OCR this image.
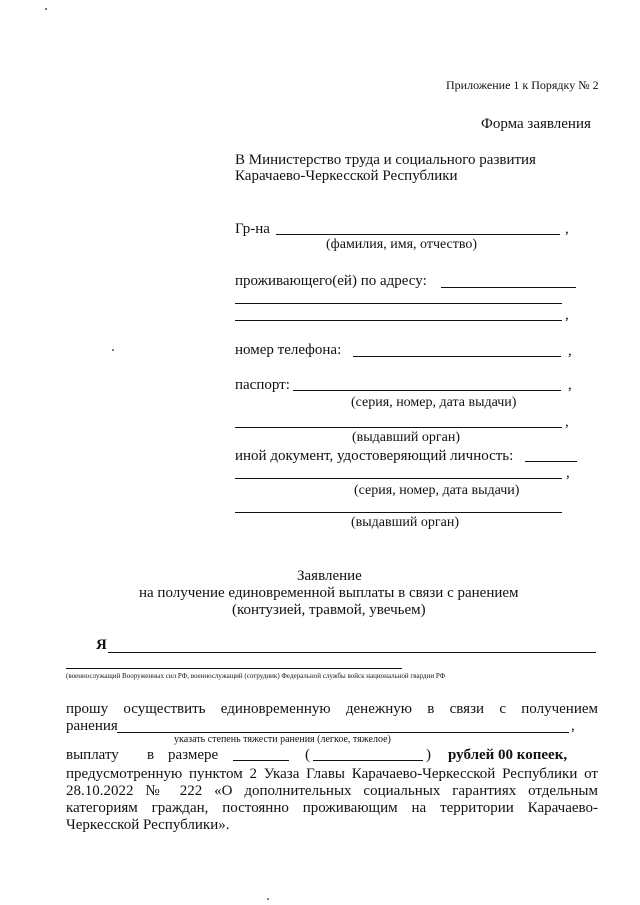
Приложение 1 к Порядку № 2
Форма заявления
В Министерство труда и социального развития
Карачаево-Черкесской Республики
Гр-на	,
(фамилия, имя, отчество)
проживающего(ей) по адресу:
,
номер телефона:	,
паспорт:	,
(серия, номер, дата выдачи)
,
(выдавший орган)
иной документ, удостоверяющий личность:
,
(серия, номер, дата выдачи)
(выдавший орган)
Заявление
на получение единовременной выплаты в связи с ранением
(контузией, травмой, увечьем)
Я
(военнослужащий Вооруженных сил РФ, военнослужащий (сотрудник) Федеральной службы войск национальной гвардии РФ
прошу осуществить единовременную денежную в связи с получением
ранения	,
указать степень тяжести ранения (легкое, тяжелое)
выплату в размере	(	) рублей 00 копеек,
предусмотренную пунктом 2 Указа Главы Карачаево-Черкесской Республики от 28.10.2022 № 222 «О дополнительных социальных гарантиях отдельным категориям граждан, постоянно проживающим на территории Карачаево-Черкесской Республики».
